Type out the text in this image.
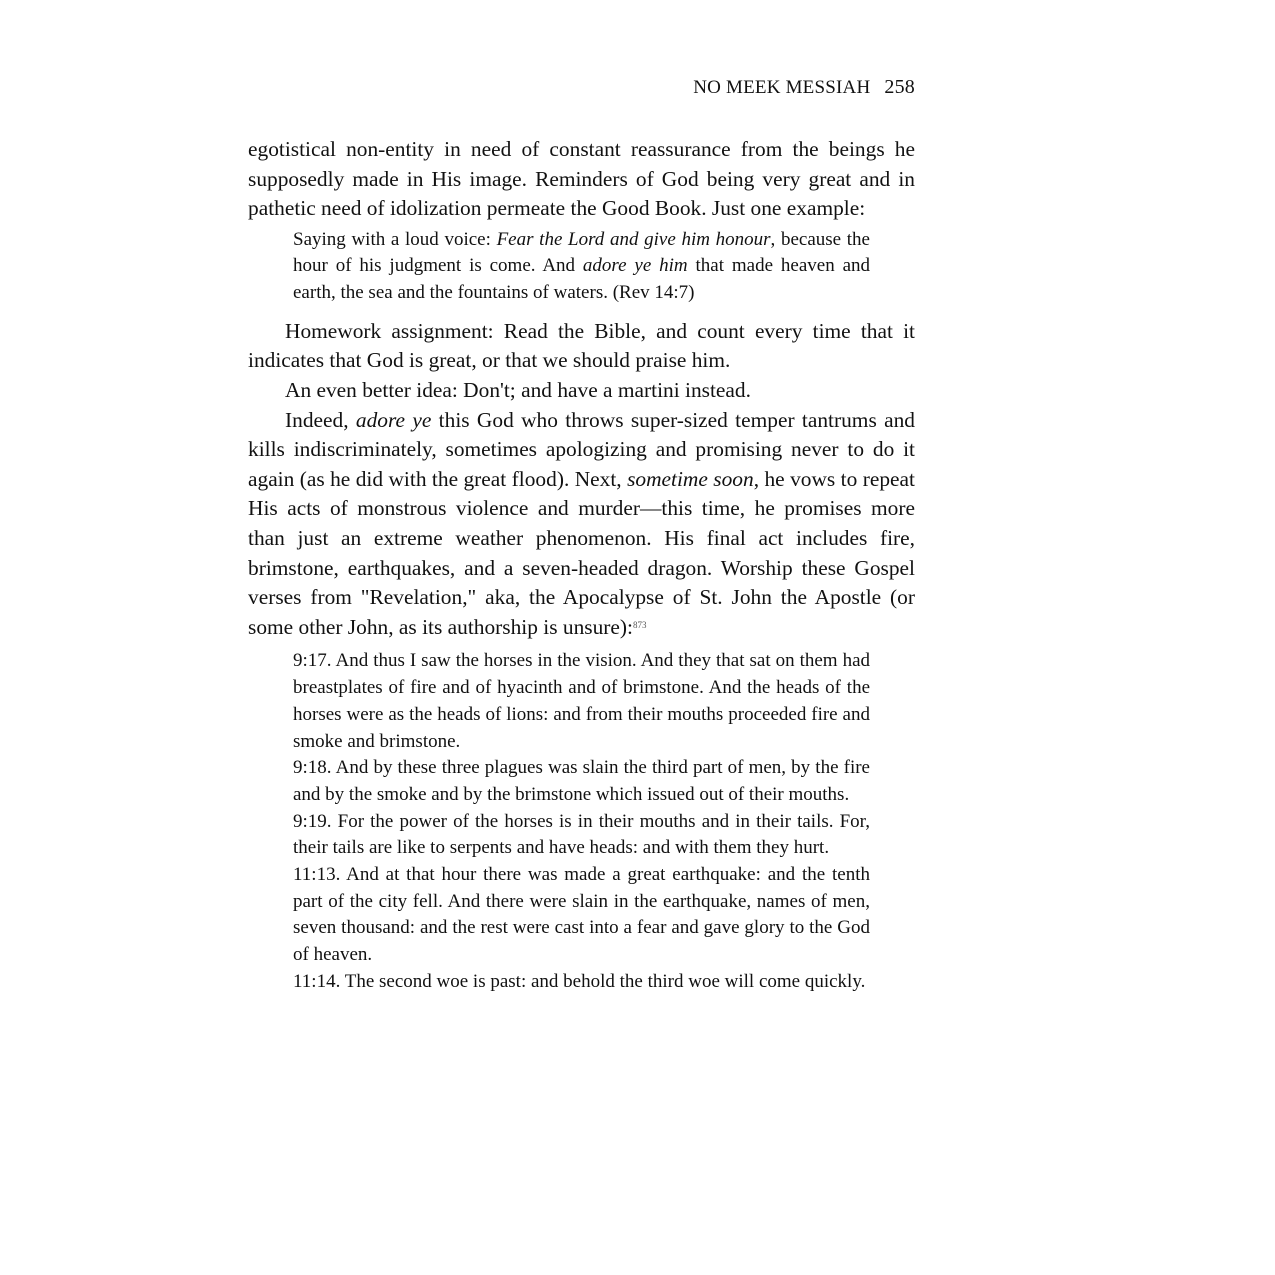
NO MEEK MESSIAH 258

egotistical non-entity in need of constant reassurance from the beings he supposedly made in His image. Reminders of God being very great and in pathetic need of idolization permeate the Good Book. Just one example:

Saying with a loud voice: Fear the Lord and give him honour, because the hour of his judgment is come. And adore ye him that made heaven and earth, the sea and the fountains of waters. (Rev 14:7)

Homework assignment: Read the Bible, and count every time that it indicates that God is great, or that we should praise him.

An even better idea: Don't; and have a martini instead.

Indeed, adore ye this God who throws super-sized temper tantrums and kills indiscriminately, sometimes apologizing and promising never to do it again (as he did with the great flood). Next, sometime soon, he vows to repeat His acts of monstrous violence and murder—this time, he promises more than just an extreme weather phenomenon. His final act includes fire, brimstone, earthquakes, and a seven-headed dragon. Worship these Gospel verses from "Revelation," aka, the Apocalypse of St. John the Apostle (or some other John, as its authorship is unsure):$^{873}$

9:17. And thus I saw the horses in the vision. And they that sat on them had breastplates of fire and of hyacinth and of brimstone. And the heads of the horses were as the heads of lions: and from their mouths proceeded fire and smoke and brimstone.

9:18. And by these three plagues was slain the third part of men, by the fire and by the smoke and by the brimstone which issued out of their mouths.

9:19. For the power of the horses is in their mouths and in their tails. For, their tails are like to serpents and have heads: and with them they hurt.

11:13. And at that hour there was made a great earthquake: and the tenth part of the city fell. And there were slain in the earthquake, names of men, seven thousand: and the rest were cast into a fear and gave glory to the God of heaven.

11:14. The second woe is past: and behold the third woe will come quickly.
